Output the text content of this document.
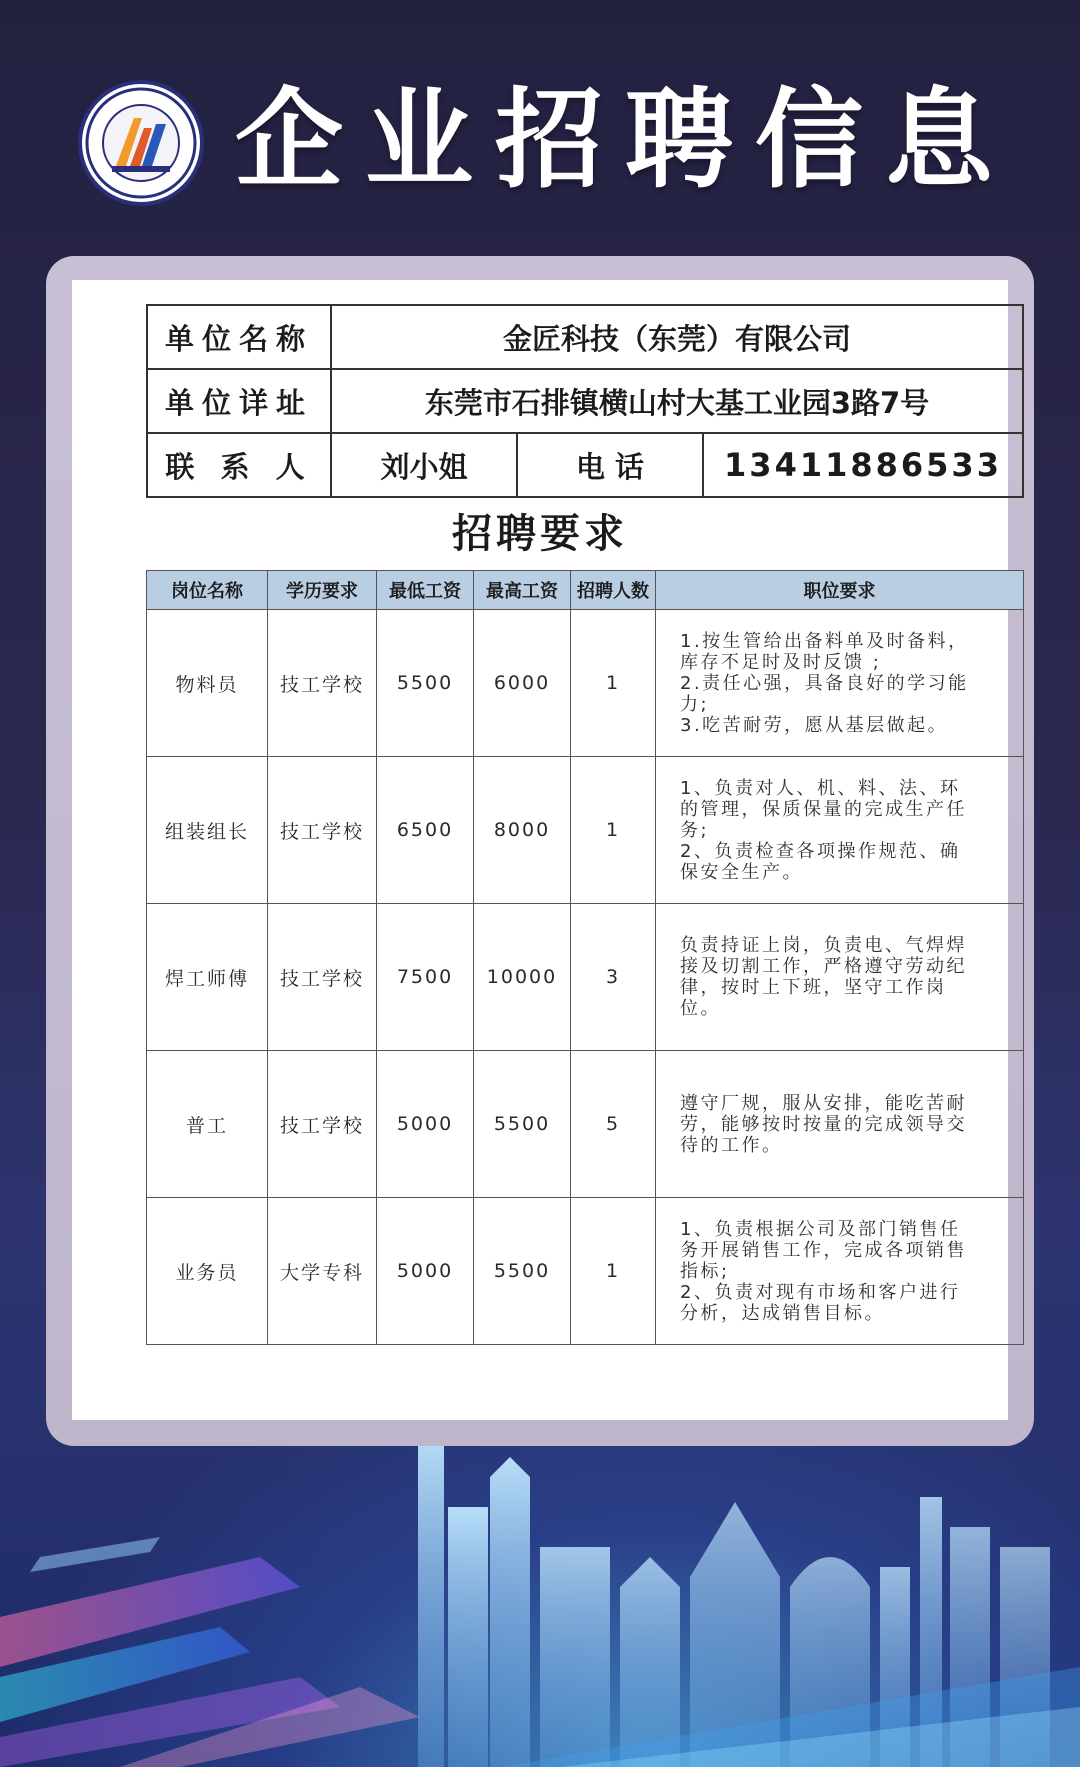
企业招聘信息
单位名称	金匠科技（东莞）有限公司		
单位详址	东莞市石排镇横山村大基工业园3路7号		
联 系 人	刘小姐	电 话	13411886533
招聘要求
岗位名称	学历要求	最低工资	最高工资	招聘人数	职位要求
物料员	技工学校	5500	6000	1	1.按生管给出备料单及时备料，
库存不足时及时反馈 ;
2.责任心强，具备良好的学习能
力;
3.吃苦耐劳，愿从基层做起。

组装组长	技工学校	6500	8000	1	1、负责对人、机、料、法、环
的管理，保质保量的完成生产任
务;
2、负责检查各项操作规范、确
保安全生产。

焊工师傅	技工学校	7500	10000	3	负责持证上岗，负责电、气焊焊
接及切割工作，严格遵守劳动纪
律，按时上下班，坚守工作岗
位。

普工	技工学校	5000	5500	5	遵守厂规，服从安排，能吃苦耐
劳，能够按时按量的完成领导交
待的工作。

业务员	大学专科	5000	5500	1	1、负责根据公司及部门销售任
务开展销售工作，完成各项销售
指标;
2、负责对现有市场和客户进行
分析，达成销售目标。
